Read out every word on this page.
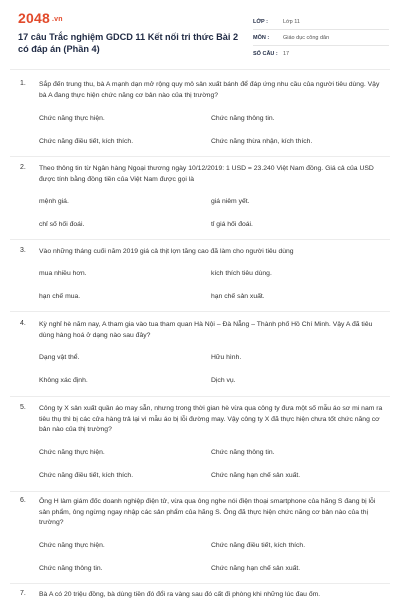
2048 .vn
17 câu Trắc nghiệm GDCD 11 Kết nối tri thức Bài 2 có đáp án (Phần 4)
LỚP :	Lớp 11
MÔN :	Giáo dục công dân
SỐ CÂU : 17
1. Sắp đến trung thu, bà A mạnh dạn mở rộng quy mô sản xuất bánh để đáp ứng nhu cầu của người tiêu dùng. Vậy bà A đang thực hiện chức năng cơ bản nào của thị trường?
Chức năng thực hiện.	Chức năng thông tin.
Chức năng điều tiết, kích thích.	Chức năng thừa nhận, kích thích.
2. Theo thông tin từ Ngân hàng Ngoại thương ngày 10/12/2019: 1 USD = 23.240 Việt Nam đồng. Giá cả của USD được tính bằng đồng tiền của Việt Nam được gọi là
mệnh giá.	giá niêm yết.
chỉ số hối đoái.	tỉ giá hối đoái.
3. Vào những tháng cuối năm 2019 giá cả thịt lợn tăng cao đã làm cho người tiêu dùng
mua nhiều hơn.	kích thích tiêu dùng.
hạn chế mua.	hạn chế sản xuất.
4. Kỳ nghỉ hè năm nay, A tham gia vào tua tham quan Hà Nội – Đà Nẵng – Thành phố Hồ Chí Minh. Vậy A đã tiêu dùng hàng hoá ở dạng nào sau đây?
Dạng vật thể.	Hữu hình.
Không xác định.	Dịch vụ.
5. Công ty X sản xuất quần áo may sẵn, nhưng trong thời gian hè vừa qua công ty đưa một số mẫu áo sơ mi nam ra tiêu thụ thì bị các cửa hàng trả lại vì mẫu áo bị lỗi đường may. Vậy công ty X đã thực hiện chưa tốt chức năng cơ bản nào của thị trường?
Chức năng thực hiện.	Chức năng thông tin.
Chức năng điều tiết, kích thích.	Chức năng hạn chế sản xuất.
6. Ông H làm giám đốc doanh nghiệp điện tử, vừa qua ông nghe nói điện thoại smartphone của hãng S đang bị lỗi sản phẩm, ông ngừng ngay nhập các sản phẩm của hãng S. Ông đã thực hiện chức năng cơ bản nào của thị trường?
Chức năng thực hiện.	Chức năng điều tiết, kích thích.
Chức năng thông tin.	Chức năng hạn chế sản xuất.
7. Bà A có 20 triệu đồng, bà dùng tiền đó đổi ra vàng sau đó cất đi phòng khi những lúc đau ốm.
